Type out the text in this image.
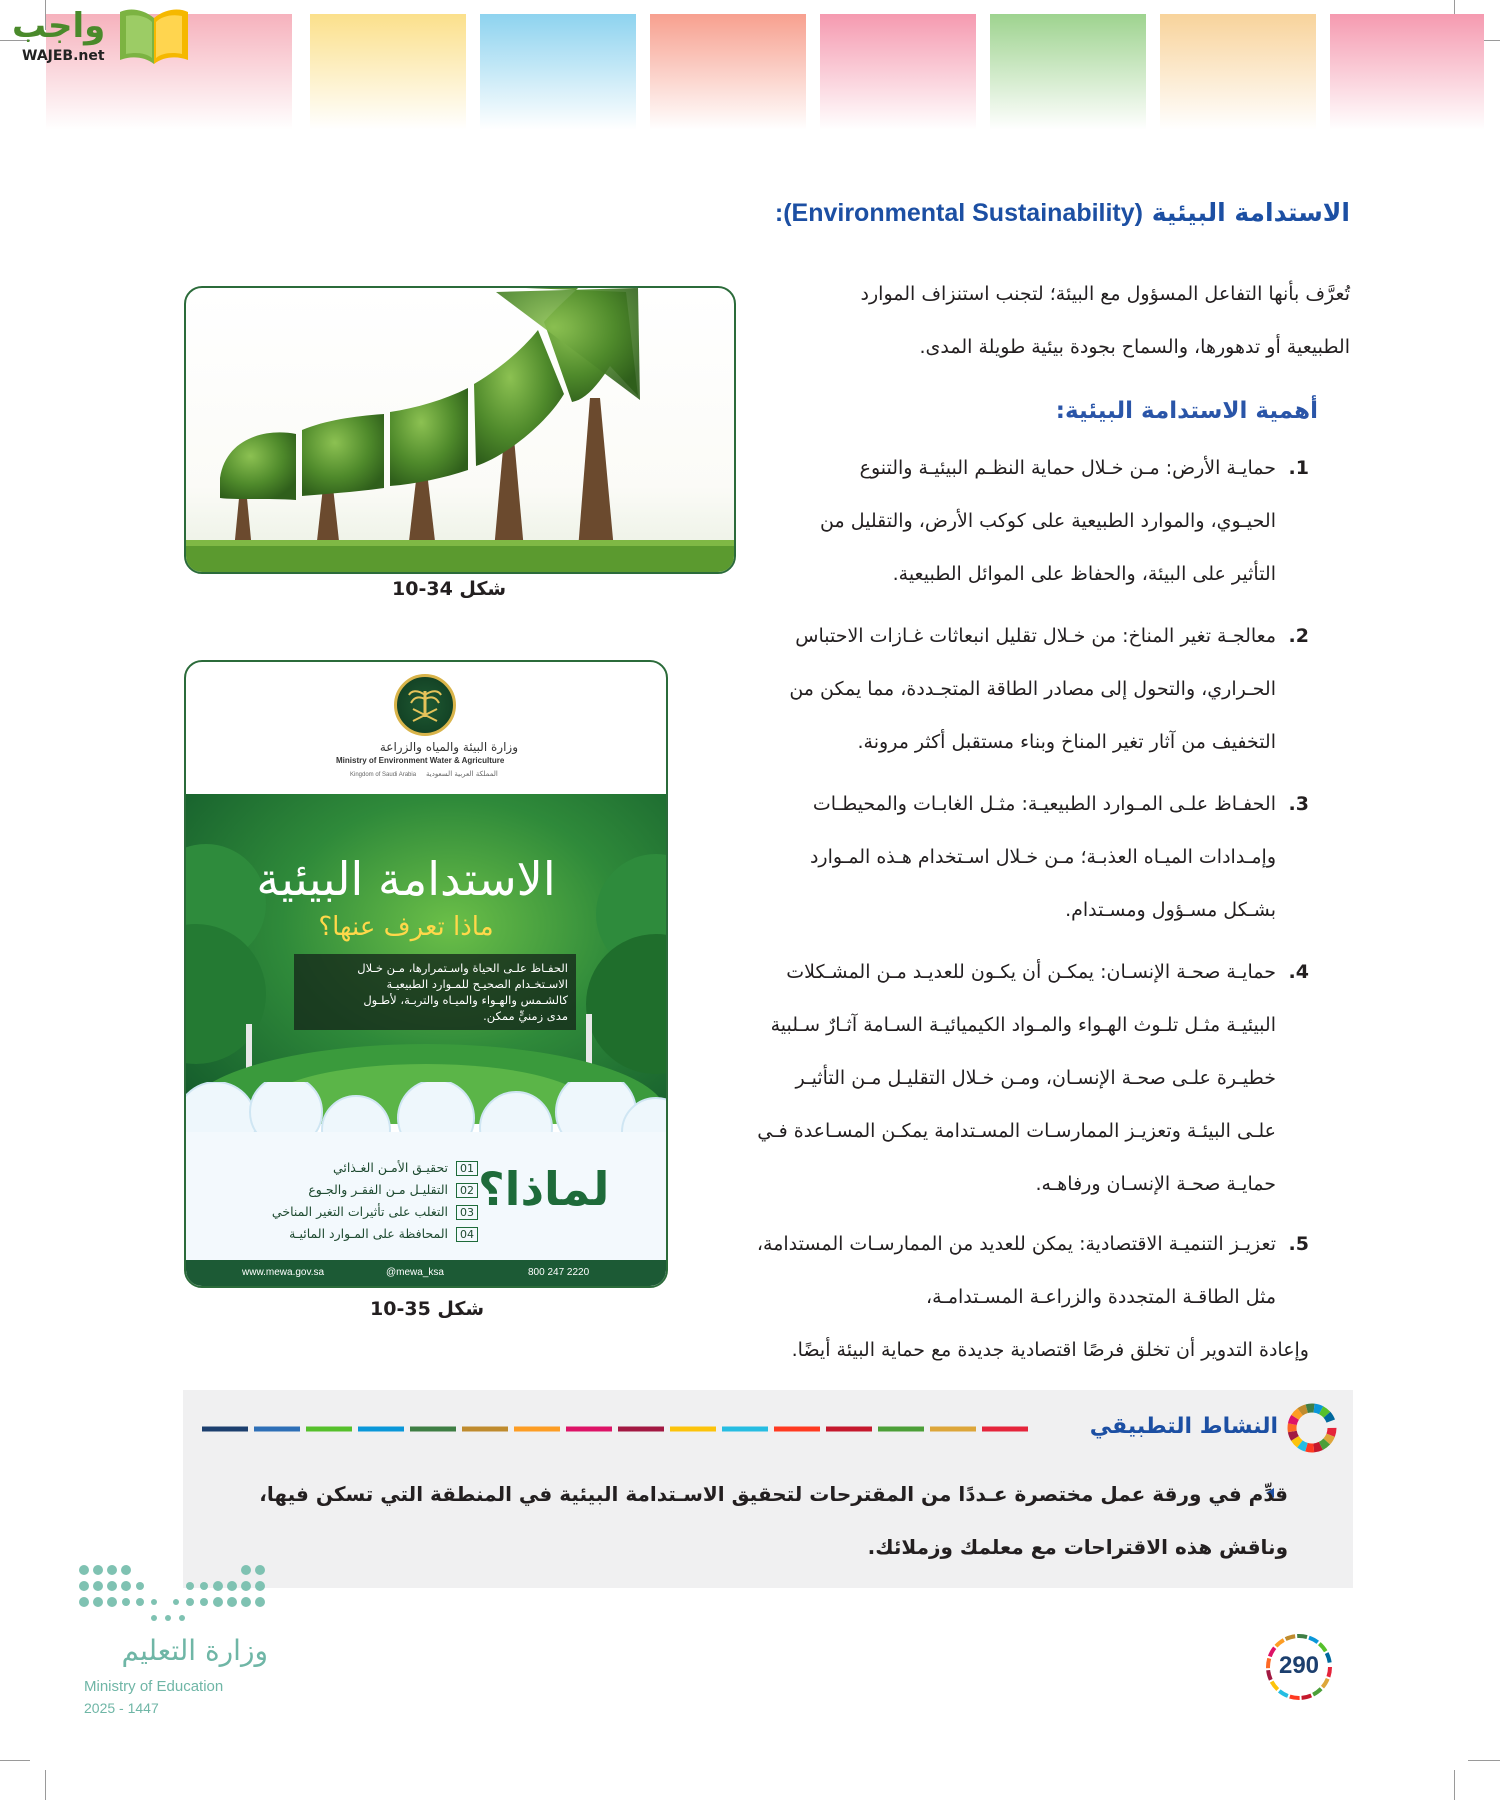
واجب
WAJEB.net
الاستدامة البيئية (Environmental Sustainability):
تُعرَّف بأنها التفاعل المسؤول مع البيئة؛ لتجنب استنزاف الموارد
الطبيعية أو تدهورها، والسماح بجودة بيئية طويلة المدى.
أهمية الاستدامة البيئية:
شكل 34-10
وزارة البيئة والمياه والزراعة
Ministry of Environment Water & Agriculture
Kingdom of Saudi Arabia المملكة العربية السعودية
الاستدامة البيئية
ماذا تعرف عنها؟
الحفـاظ علـى الحياة واسـتمرارها، مـن خـلال
الاسـتخـدام الصحيـح للمـوارد الطبيعيـة
كالشـمس والهـواء والميـاه والتربـة، لأطـول
مدى زمنيٍّ ممكن.
لماذا؟
01تحقيـق الأمـن الغـذائي
02التقليـل مـن الفقـر والجـوع
03التغلب على تأثيرات التغير المناخي
04المحافظة على المـوارد المائيـة
www.mewa.gov.sa	@mewa_ksa	800 247 2220
شكل 35-10
1.
حمايـة الأرض: مـن خـلال حماية النظـم البيئيـة والتنوع
الحيـوي، والموارد الطبيعية على كوكب الأرض، والتقليل من
التأثير على البيئة، والحفاظ على الموائل الطبيعية.
2.
معالجـة تغير المناخ: من خـلال تقليل انبعاثات غـازات الاحتباس
الحـراري، والتحول إلى مصادر الطاقة المتجـددة، مما يمكن من
التخفيف من آثار تغير المناخ وبناء مستقبل أكثر مرونة.
3.
الحفـاظ علـى المـوارد الطبيعيـة: مثـل الغابـات والمحيطـات
وإمـدادات الميـاه العذبـة؛ مـن خـلال اسـتخدام هـذه المـوارد
بشـكل مسـؤول ومسـتدام.
4.
حمايـة صحـة الإنسـان: يمكـن أن يكـون للعديـد مـن المشـكلات
البيئيـة مثـل تلـوث الهـواء والمـواد الكيميائيـة السـامة آثـارٌ سـلبية
خطيـرة علـى صحـة الإنسـان، ومـن خـلال التقليـل مـن التأثيـر
علـى البيئـة وتعزيـز الممارسـات المسـتدامة يمكـن المسـاعدة فـي
حمايـة صحـة الإنسـان ورفاهـه.
5.
تعزيـز التنميـة الاقتصادية: يمكن للعديد من الممارسـات المستدامة،
مثل الطاقـة المتجددة والزراعـة المسـتدامـة،
وإعادة التدوير أن تخلق فرصًا اقتصادية جديدة مع حماية البيئة أيضًا.
النشاط التطبيقي
قدِّم في ورقة عمل مختصرة عـددًا من المقترحات لتحقيق الاسـتدامة البيئية في المنطقة التي تسكن فيها،
وناقش هذه الاقتراحات مع معلمك وزملائك.
وزارة التعليم
Ministry of Education
2025 - 1447
290
